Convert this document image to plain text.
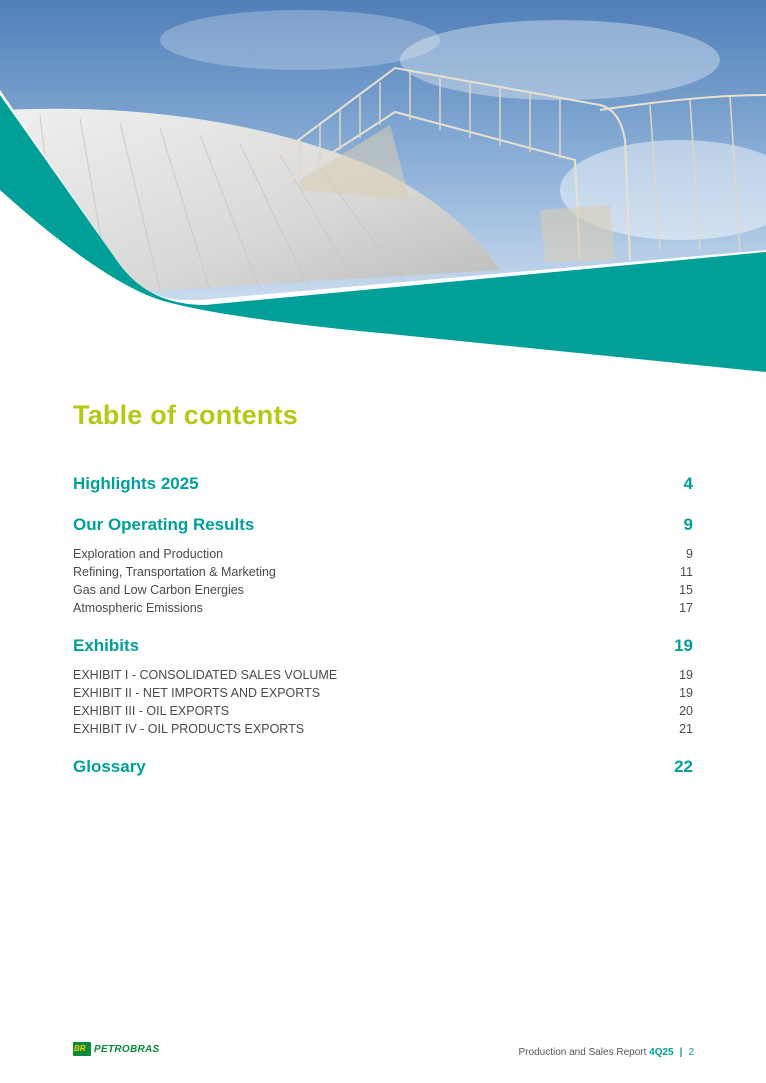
Table of contents
Highlights 2025	4
Our Operating Results	9
Exploration and Production	9
Refining, Transportation & Marketing	11
Gas and Low Carbon Energies	15
Atmospheric Emissions	17
Exhibits	19
EXHIBIT I - CONSOLIDATED SALES VOLUME	19
EXHIBIT II - NET IMPORTS AND EXPORTS	19
EXHIBIT III - OIL EXPORTS	20
EXHIBIT IV - OIL PRODUCTS EXPORTS	21
Glossary	22
BR PETROBRAS	Production and Sales Report 4Q25 | 2
